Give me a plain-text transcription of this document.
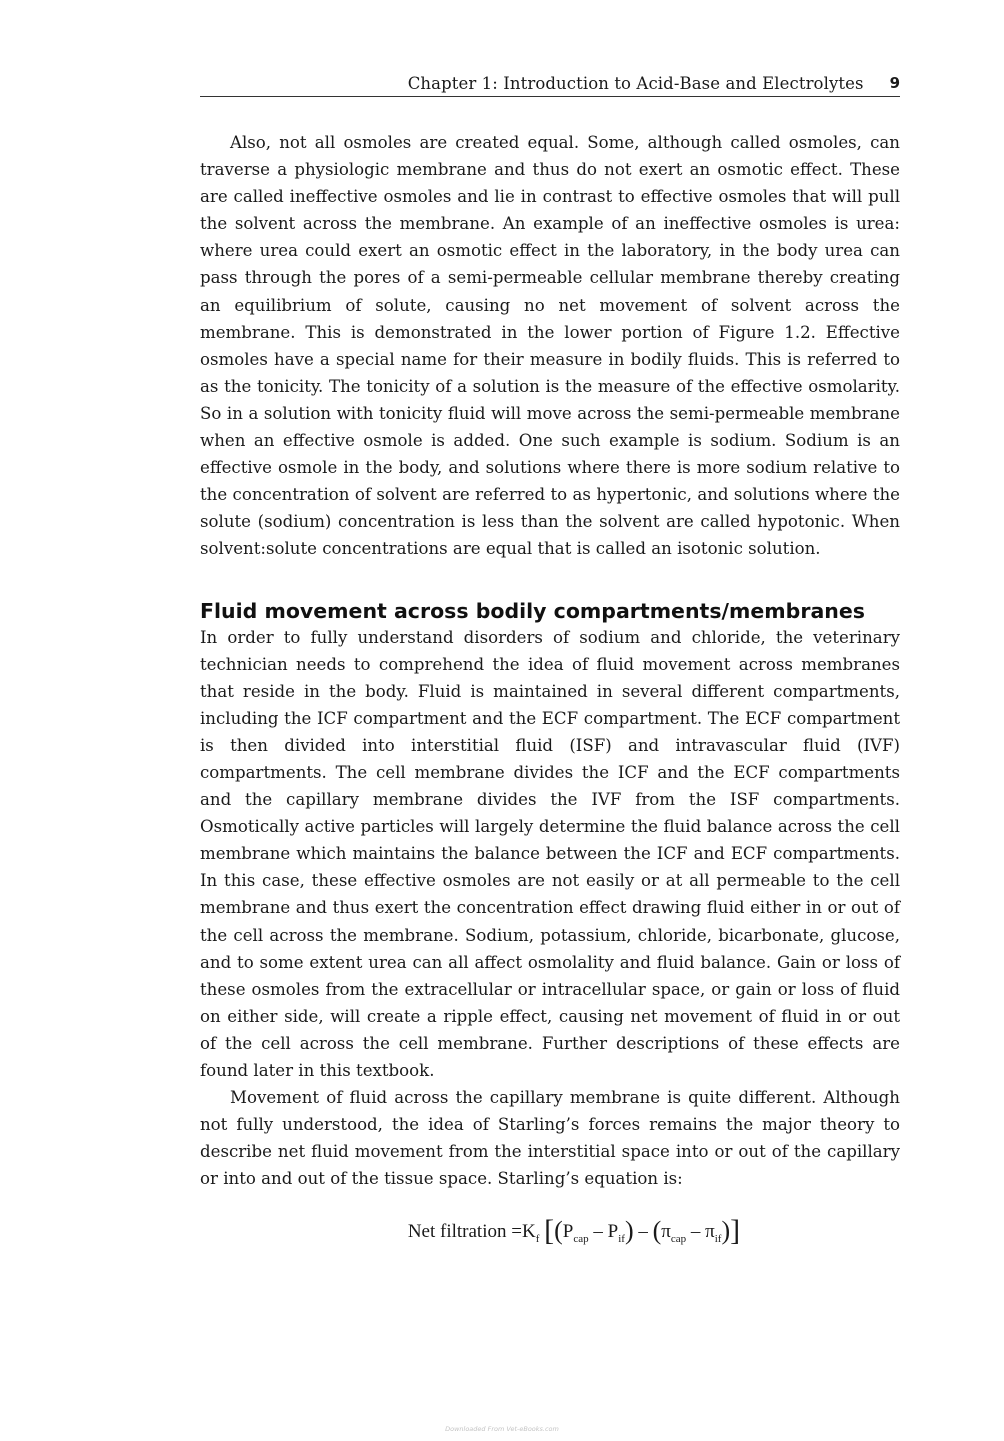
Chapter 1: Introduction to Acid-Base and Electrolytes 9

Also, not all osmoles are created equal. Some, although called osmoles, can traverse a physiologic membrane and thus do not exert an osmotic effect. These are called ineffective osmoles and lie in contrast to effective osmoles that will pull the solvent across the membrane. An example of an ineffective osmoles is urea: where urea could exert an osmotic effect in the laboratory, in the body urea can pass through the pores of a semi-permeable cellular membrane thereby creating an equilibrium of solute, causing no net movement of solvent across the membrane. This is demonstrated in the lower portion of Figure 1.2. Effective osmoles have a special name for their measure in bodily fluids. This is referred to as the tonicity. The tonicity of a solution is the measure of the effective osmolarity. So in a solution with tonicity fluid will move across the semi-permeable membrane when an effective osmole is added. One such example is sodium. Sodium is an effective osmole in the body, and solutions where there is more sodium relative to the concentration of solvent are referred to as hypertonic, and solutions where the solute (sodium) concentration is less than the solvent are called hypotonic. When solvent:solute concentrations are equal that is called an isotonic solution.

Fluid movement across bodily compartments/membranes

In order to fully understand disorders of sodium and chloride, the veterinary technician needs to comprehend the idea of fluid movement across membranes that reside in the body. Fluid is maintained in several different compartments, including the ICF compartment and the ECF compartment. The ECF compartment is then divided into interstitial fluid (ISF) and intravascular fluid (IVF) compartments. The cell membrane divides the ICF and the ECF compartments and the capillary membrane divides the IVF from the ISF compartments. Osmotically active particles will largely determine the fluid balance across the cell membrane which maintains the balance between the ICF and ECF compartments. In this case, these effective osmoles are not easily or at all permeable to the cell membrane and thus exert the concentration effect drawing fluid either in or out of the cell across the membrane. Sodium, potassium, chloride, bicarbonate, glucose, and to some extent urea can all affect osmolality and fluid balance. Gain or loss of these osmoles from the extracellular or intracellular space, or gain or loss of fluid on either side, will create a ripple effect, causing net movement of fluid in or out of the cell across the cell membrane. Further descriptions of these effects are found later in this textbook.

Movement of fluid across the capillary membrane is quite different. Although not fully understood, the idea of Starling’s forces remains the major theory to describe net fluid movement from the interstitial space into or out of the capillary or into and out of the tissue space. Starling’s equation is:

Net filtration $=K_f$ $[(P_{cap} - P_{if}) - (\pi_{cap} - \pi_{if})]$
Downloaded From Vet-eBooks.com
